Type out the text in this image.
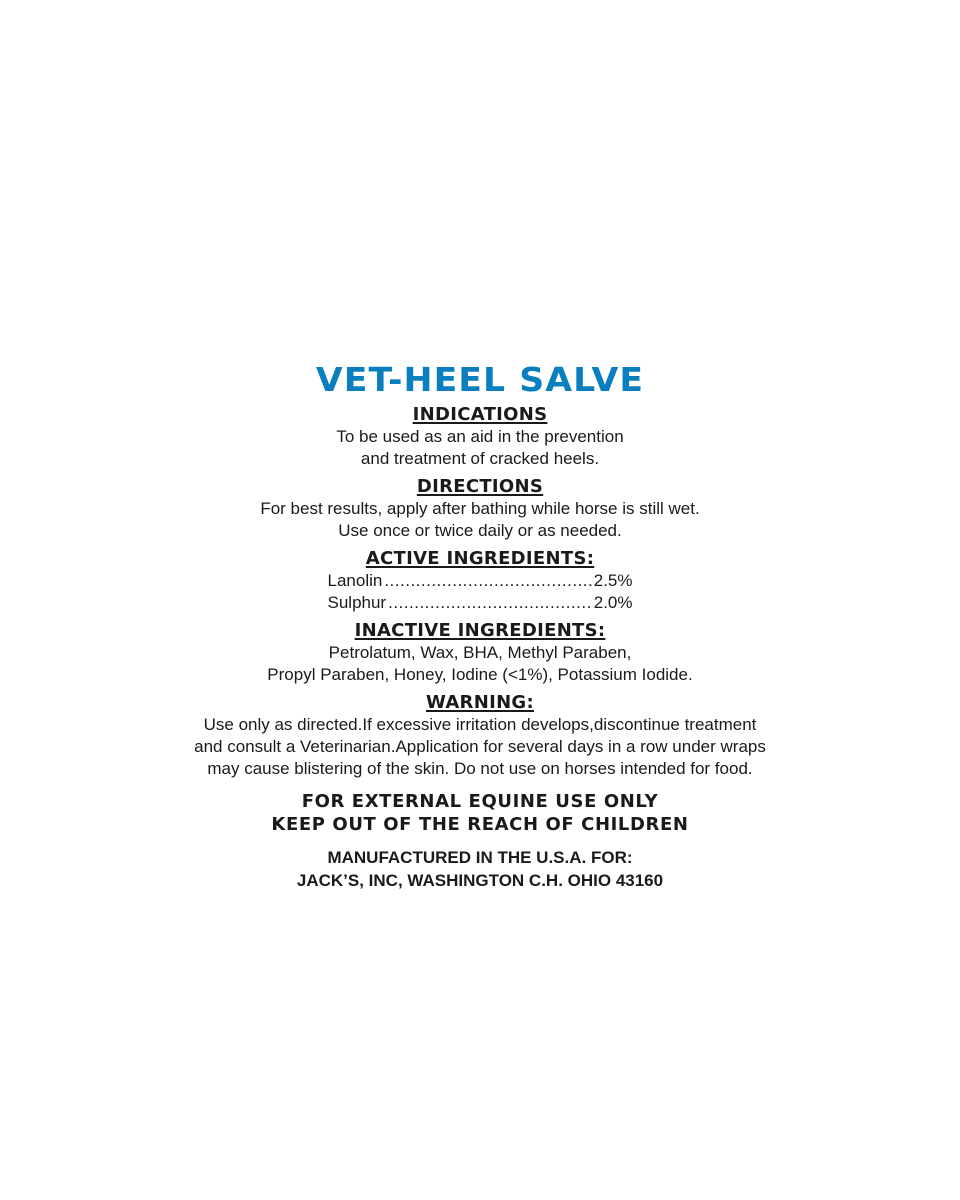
VET-HEEL SALVE

INDICATIONS

To be used as an aid in the prevention

and treatment of cracked heels.

DIRECTIONS

For best results, apply after bathing while horse is still wet.

Use once or twice daily or as needed.

ACTIVE INGREDIENTS:

Lanolin .....	2.5%
Sulphur .....	2.0%

INACTIVE INGREDIENTS:

Petrolatum, Wax, BHA, Methyl Paraben,

Propyl Paraben, Honey, Iodine (<1%), Potassium Iodide.

WARNING:

Use only as directed.If excessive irritation develops,discontinue treatment

and consult a Veterinarian.Application for several days in a row under wraps

may cause blistering of the skin. Do not use on horses intended for food.

FOR EXTERNAL EQUINE USE ONLY

KEEP OUT OF THE REACH OF CHILDREN

MANUFACTURED IN THE U.S.A. FOR:

JACK’S, INC, WASHINGTON C.H. OHIO 43160
